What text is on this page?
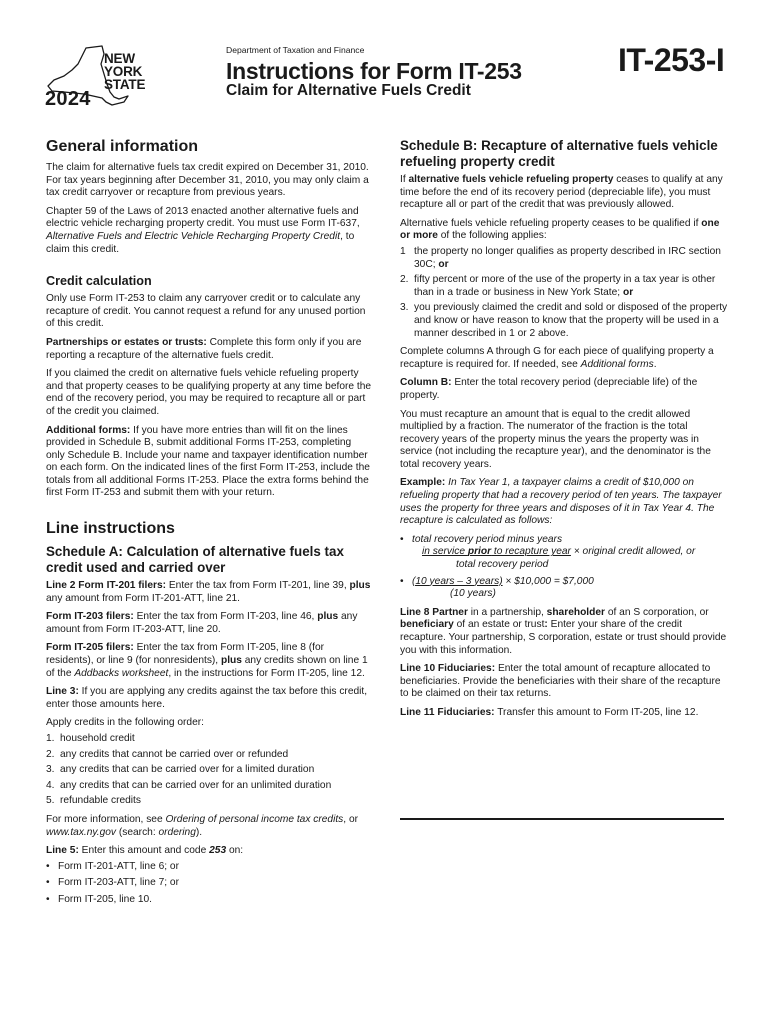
NEW
YORK
STATE
2024
Department of Taxation and Finance
Instructions for Form IT-253
Claim for Alternative Fuels Credit
IT-253-I
General information

The claim for alternative fuels tax credit expired on December 31, 2010. For tax years beginning after December 31, 2010, you may only claim a tax credit carryover or recapture from previous years.

Chapter 59 of the Laws of 2013 enacted another alternative fuels and electric vehicle recharging property credit. You must use Form IT-637, Alternative Fuels and Electric Vehicle Recharging Property Credit, to claim this credit.

Credit calculation

Only use Form IT-253 to claim any carryover credit or to calculate any recapture of credit. You cannot request a refund for any unused portion of this credit.

Partnerships or estates or trusts: Complete this form only if you are reporting a recapture of the alternative fuels credit.

If you claimed the credit on alternative fuels vehicle refueling property and that property ceases to be qualifying property at any time before the end of the recovery period, you may be required to recapture all or part of the credit you claimed.

Additional forms: If you have more entries than will fit on the lines provided in Schedule B, submit additional Forms IT-253, completing only Schedule B. Include your name and taxpayer identification number on each form. On the indicated lines of the first Form IT-253, include the totals from all additional Forms IT-253. Place the extra forms behind the first Form IT-253 and submit them with your return.

Line instructions
Schedule A: Calculation of alternative fuels tax credit used and carried over

Line 2 Form IT-201 filers: Enter the tax from Form IT-201, line 39, plus any amount from Form IT-201-ATT, line 21.

Form IT-203 filers: Enter the tax from Form IT-203, line 46, plus any amount from Form IT-203-ATT, line 20.

Form IT-205 filers: Enter the tax from Form IT-205, line 8 (for residents), or line 9 (for nonresidents), plus any credits shown on line 1 of the Addbacks worksheet, in the instructions for Form IT-205, line 12.

Line 3: If you are applying any credits against the tax before this credit, enter those amounts here.

Apply credits in the following order:

1. household credit
2. any credits that cannot be carried over or refunded
3. any credits that can be carried over for a limited duration
4. any credits that can be carried over for an unlimited duration
5. refundable credits

For more information, see Ordering of personal income tax credits, or www.tax.ny.gov (search: ordering).

Line 5: Enter this amount and code 253 on:

• Form IT-201-ATT, line 6; or
• Form IT-203-ATT, line 7; or
• Form IT-205, line 10.
Schedule B: Recapture of alternative fuels vehicle refueling property credit

If alternative fuels vehicle refueling property ceases to qualify at any time before the end of its recovery period (depreciable life), you must recapture all or part of the credit that was previously allowed.

Alternative fuels vehicle refueling property ceases to be qualified if one or more of the following applies:

1 the property no longer qualifies as property described in IRC section 30C; or
2. fifty percent or more of the use of the property in a tax year is other than in a trade or business in New York State; or
3. you previously claimed the credit and sold or disposed of the property and know or have reason to know that the property will be used in a manner described in 1 or 2 above.

Complete columns A through G for each piece of qualifying property a recapture is required for. If needed, see Additional forms.

Column B: Enter the total recovery period (depreciable life) of the property.

You must recapture an amount that is equal to the credit allowed multiplied by a fraction. The numerator of the fraction is the total recovery years of the property minus the years the property was in service (not including the recapture year), and the denominator is the total recovery years.

Example: In Tax Year 1, a taxpayer claims a credit of $10,000 on refueling property that had a recovery period of ten years. The taxpayer uses the property for three years and disposes of it in Tax Year 4. The recapture is calculated as follows:

• total recovery period minus years
in service prior to recapture year × original credit allowed, or
total recovery period
• (10 years – 3 years) × $10,000 = $7,000
(10 years)

Line 8 Partner in a partnership, shareholder of an S corporation, or beneficiary of an estate or trust: Enter your share of the credit recapture. Your partnership, S corporation, estate or trust should provide you with this information.

Line 10 Fiduciaries: Enter the total amount of recapture allocated to beneficiaries. Provide the beneficiaries with their share of the recapture to be claimed on their tax returns.

Line 11 Fiduciaries: Transfer this amount to Form IT-205, line 12.
